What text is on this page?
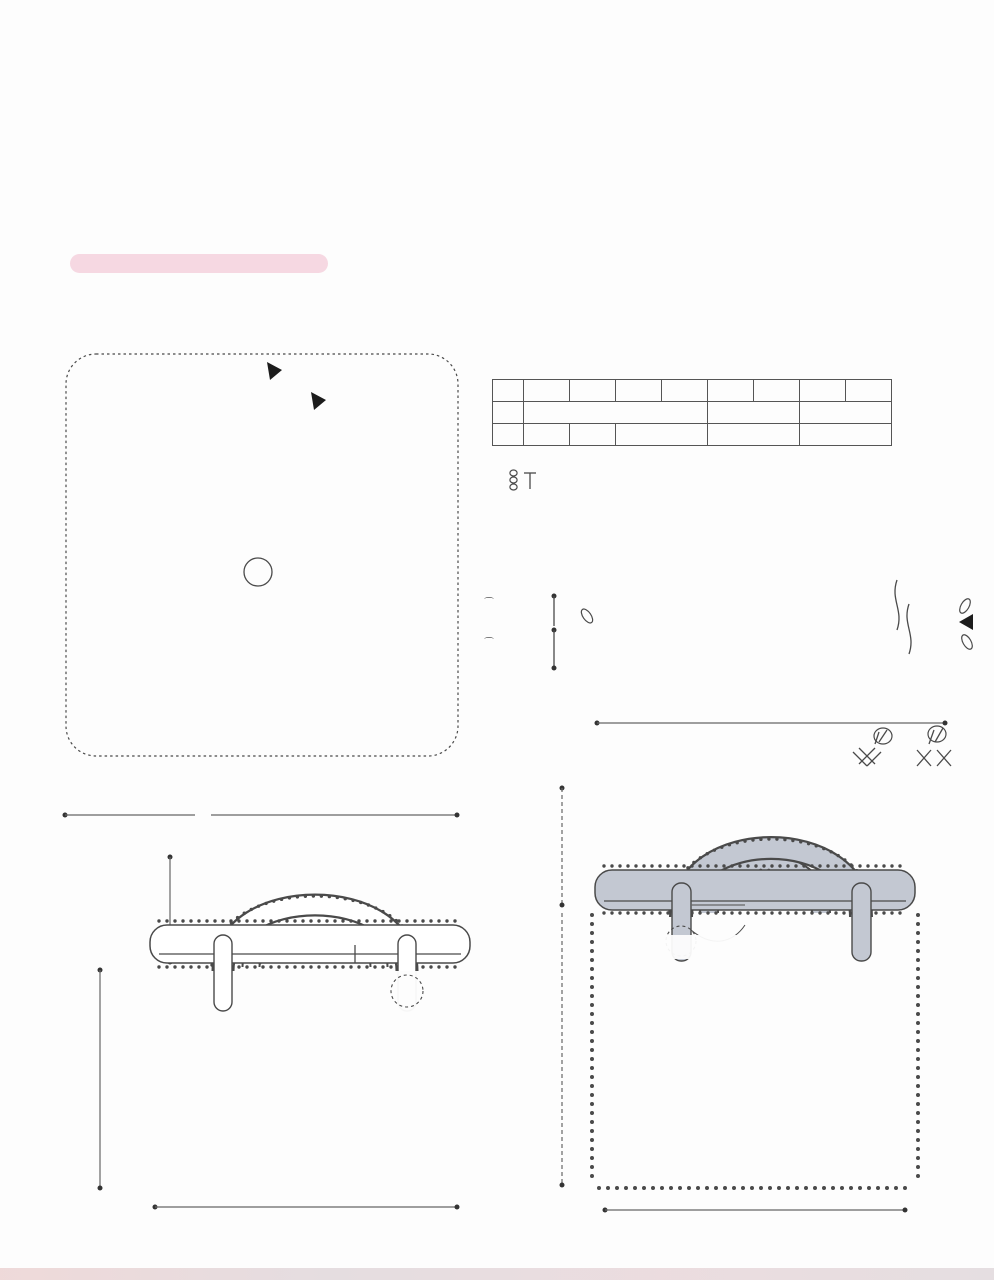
⌒

⌒
